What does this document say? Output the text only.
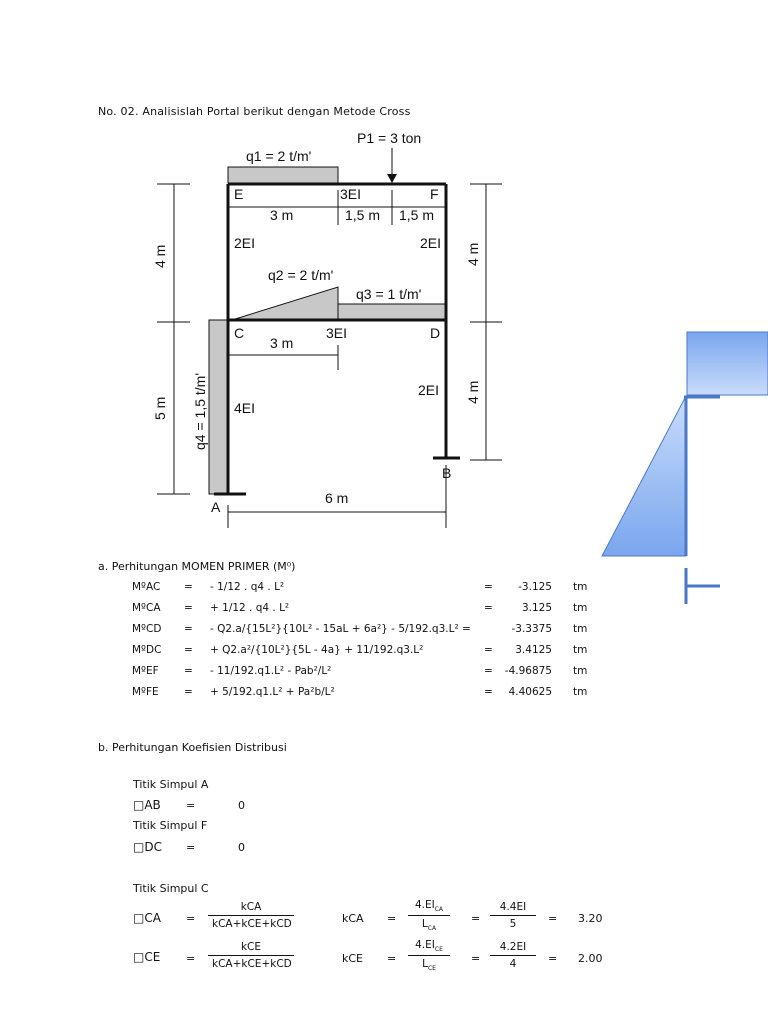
No. 02. Analisislah Portal berikut dengan Metode Cross
P1 = 3 ton
q1 = 2 t/m'
E	3EI	F
3 m	1,5 m 1,5 m
2EI	2EI
q2 = 2 t/m'
q3 = 1 t/m'
C	3EI	D
3 m
2EI
4EI
B
A
6 m
4 m
5 m q4 = 1,5 t/m'
4 m
4 m
a. Perhitungan MOMEN PRIMER (M⁰)
MºAC = - 1/12 . q4 . L²	=	-3.125 tm
MºCA = + 1/12 . q4 . L²	=	3.125 tm
MºCD = - Q2.a/{15L²}{10L² - 15aL + 6a²} - 5/192.q3.L² =	-3.3375 tm
MºDC = + Q2.a²/{10L²}{5L - 4a} + 11/192.q3.L²	=	3.4125 tm
MºEF = - 11/192.q1.L² - Pab²/L²	= -4.96875 tm
MºFE = + 5/192.q1.L² + Pa²b/L²	=	4.40625 tm
b. Perhitungan Koefisien Distribusi
Titik Simpul A
□AB =	0
Titik Simpul F
□DC =	0
Titik Simpul C
□CA =
kCA
kCA+kCE+kCD	kCA =
$4.EI_{CA}$
$L_{CA}$
=
4.4EI
5	= 3.20
□CE =
kCE
kCA+kCE+kCD	kCE =
$4.EI_{CE}$
$L_{CE}$
=
4.2EI
4	= 2.00
